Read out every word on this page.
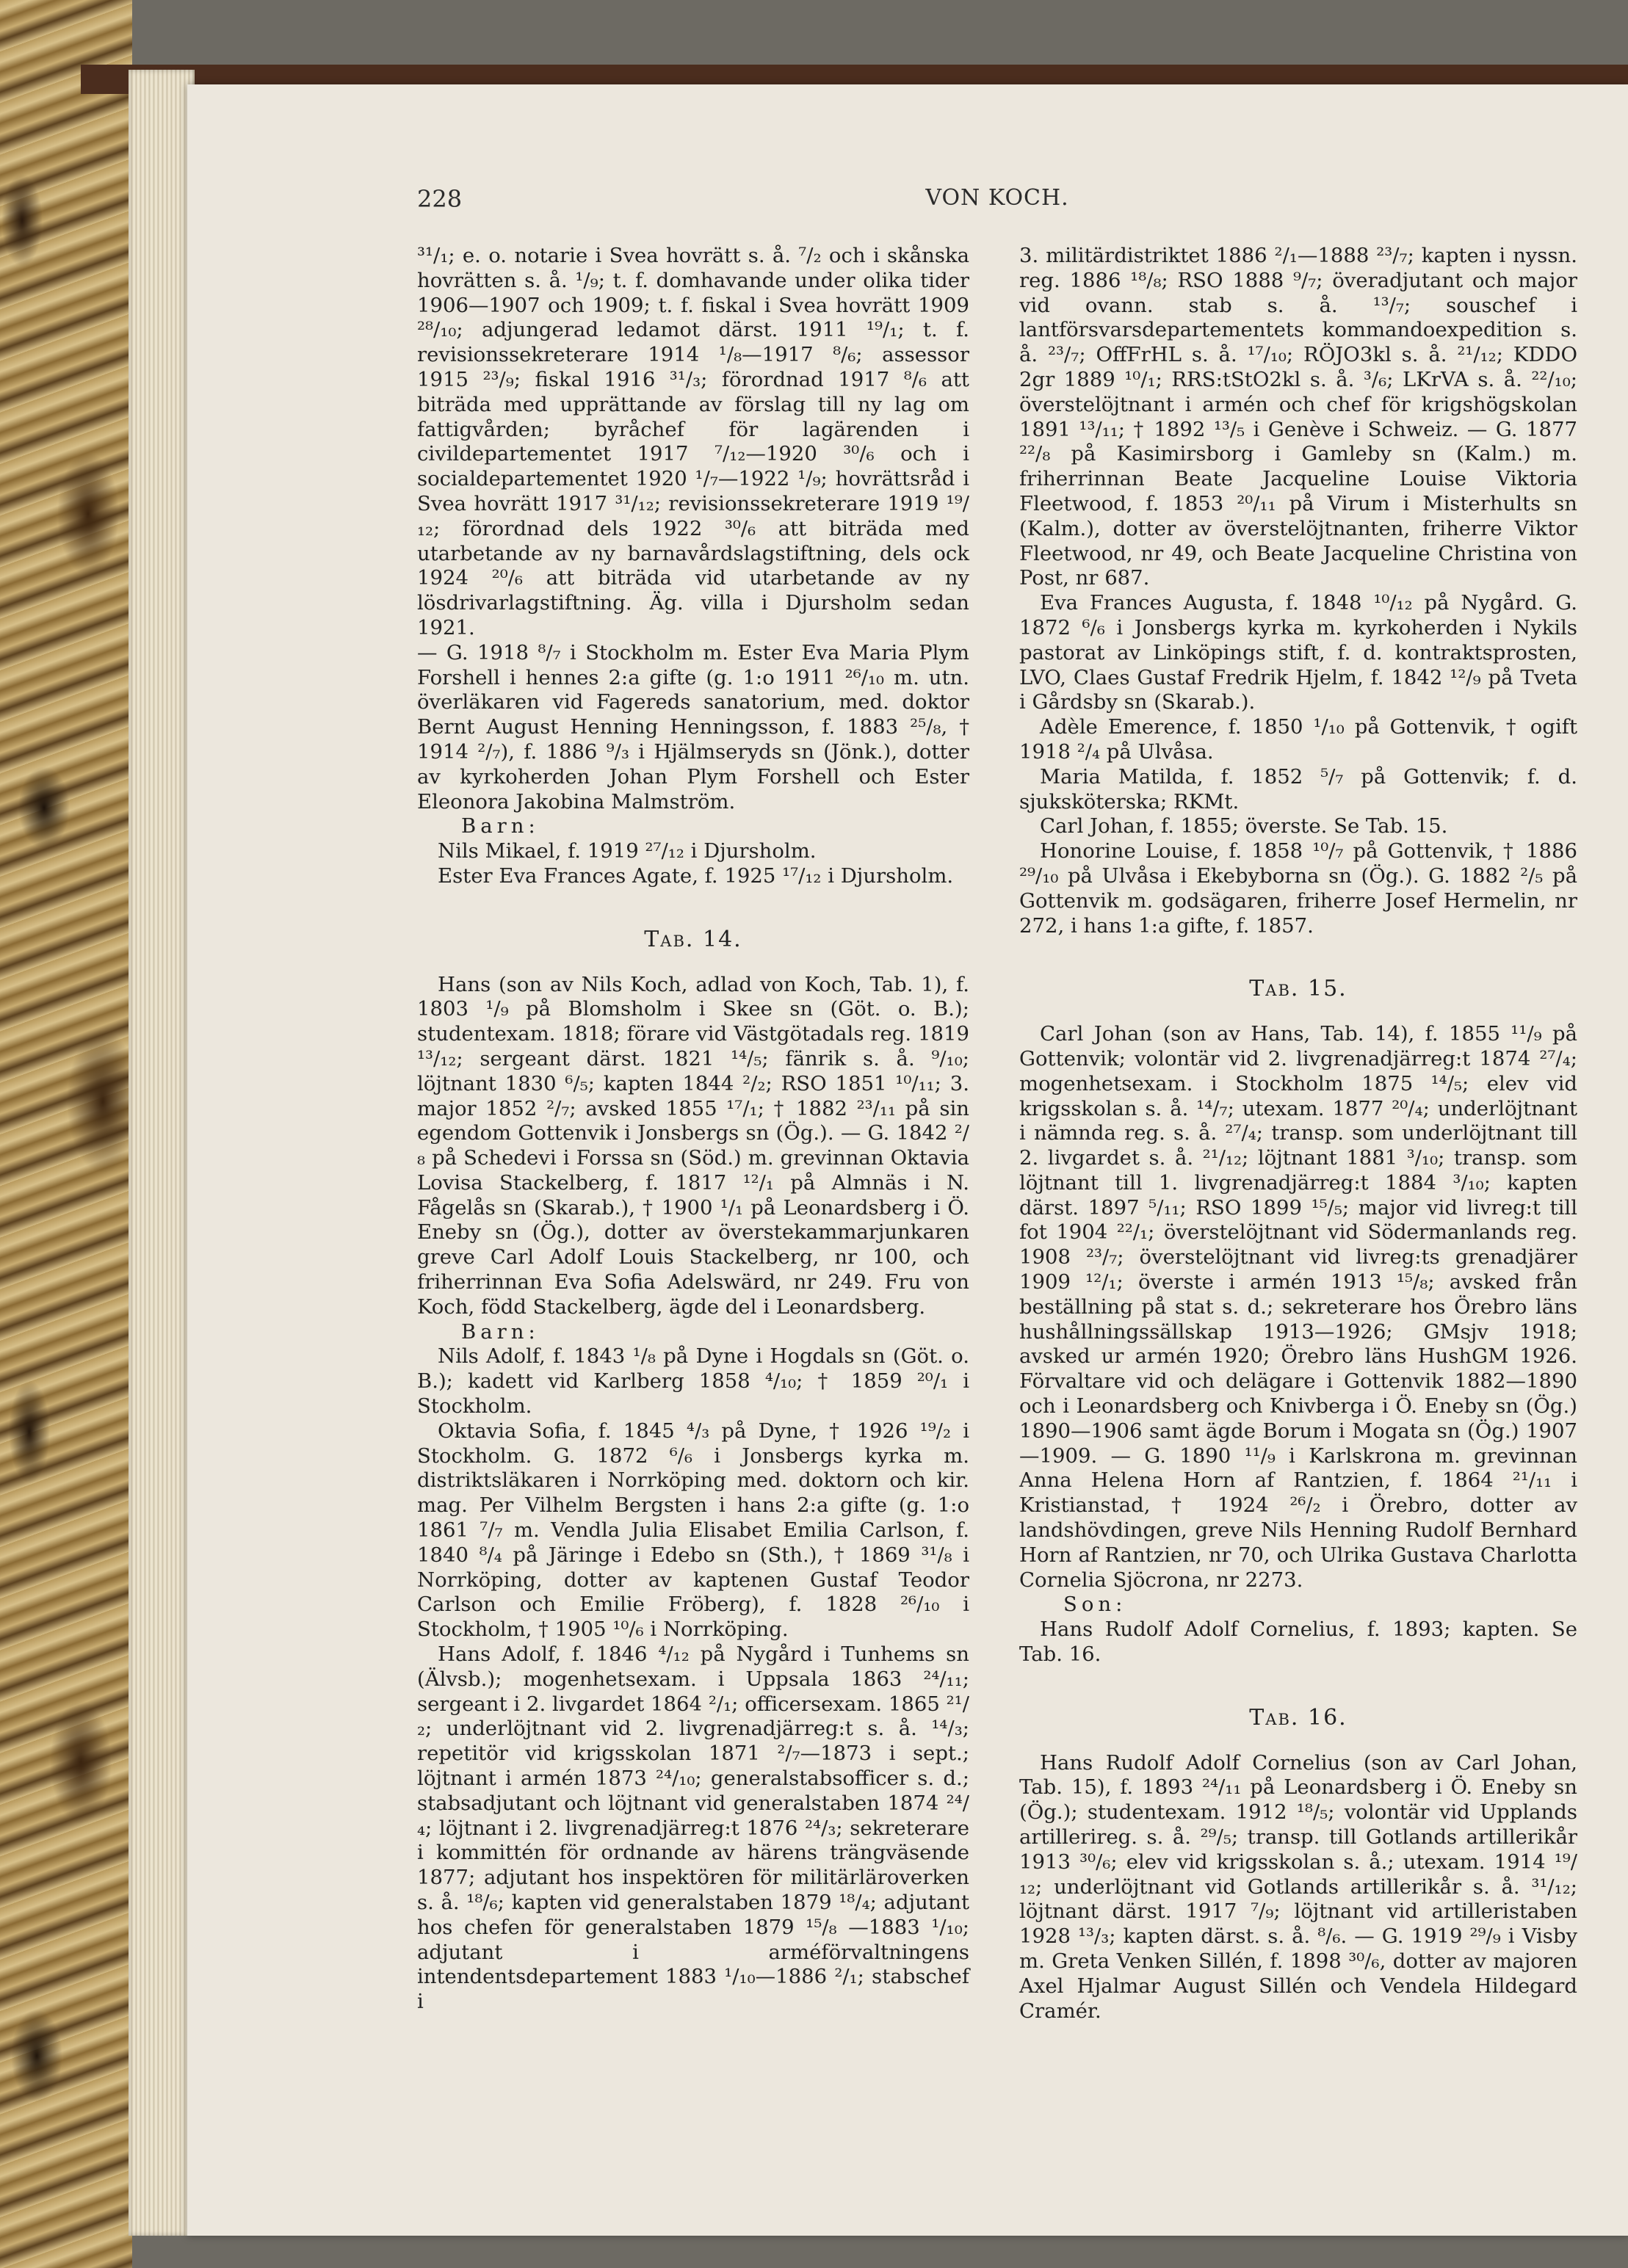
228	VON KOCH.

³¹/₁; e. o. notarie i Svea hovrätt s. å. ⁷/₂ och i skånska hovrätten s. å. ¹/₉; t. f. domhavande under olika tider 1906—1907 och 1909; t. f. fiskal i Svea hovrätt 1909 ²⁸/₁₀; adjungerad ledamot därst. 1911 ¹⁹/₁; t. f. revisionssekreterare 1914 ¹/₈—1917 ⁸/₆; assessor 1915 ²³/₉; fiskal 1916 ³¹/₃; förordnad 1917 ⁸/₆ att biträda med upprättande av förslag till ny lag om fattigvården; byråchef för lagärenden i civildepartementet 1917 ⁷/₁₂—1920 ³⁰/₆ och i socialdepartementet 1920 ¹/₇—1922 ¹/₉; hovrättsråd i Svea hovrätt 1917 ³¹/₁₂; revisionssekreterare 1919 ¹⁹/₁₂; förordnad dels 1922 ³⁰/₆ att biträda med utarbetande av ny barnavårdslagstiftning, dels ock 1924 ²⁰/₆ att biträda vid utarbetande av ny lösdrivarlagstiftning. Äg. villa i Djursholm sedan 1921.

— G. 1918 ⁸/₇ i Stockholm m. Ester Eva Maria Plym Forshell i hennes 2:a gifte (g. 1:o 1911 ²⁶/₁₀ m. utn. överläkaren vid Fagereds sanatorium, med. doktor Bernt August Henning Henningsson, f. 1883 ²⁵/₈, † 1914 ²/₇), f. 1886 ⁹/₃ i Hjälmseryds sn (Jönk.), dotter av kyrkoherden Johan Plym Forshell och Ester Eleonora Jakobina Malmström.

Barn:

Nils Mikael, f. 1919 ²⁷/₁₂ i Djursholm.

Ester Eva Frances Agate, f. 1925 ¹⁷/₁₂ i Djursholm.

Tab. 14.

Hans (son av Nils Koch, adlad von Koch, Tab. 1), f. 1803 ¹/₉ på Blomsholm i Skee sn (Göt. o. B.); studentexam. 1818; förare vid Västgötadals reg. 1819 ¹³/₁₂; sergeant därst. 1821 ¹⁴/₅; fänrik s. å. ⁹/₁₀; löjtnant 1830 ⁶/₅; kapten 1844 ²/₂; RSO 1851 ¹⁰/₁₁; 3. major 1852 ²/₇; avsked 1855 ¹⁷/₁; † 1882 ²³/₁₁ på sin egendom Gottenvik i Jonsbergs sn (Ög.). — G. 1842 ²/₈ på Schedevi i Forssa sn (Söd.) m. grevinnan Oktavia Lovisa Stackelberg, f. 1817 ¹²/₁ på Almnäs i N. Fågelås sn (Skarab.), † 1900 ¹/₁ på Leonardsberg i Ö. Eneby sn (Ög.), dotter av överstekammarjunkaren greve Carl Adolf Louis Stackelberg, nr 100, och friherrinnan Eva Sofia Adelswärd, nr 249. Fru von Koch, född Stackelberg, ägde del i Leonardsberg.

Barn:

Nils Adolf, f. 1843 ¹/₈ på Dyne i Hogdals sn (Göt. o. B.); kadett vid Karlberg 1858 ⁴/₁₀; † 1859 ²⁰/₁ i Stockholm.

Oktavia Sofia, f. 1845 ⁴/₃ på Dyne, † 1926 ¹⁹/₂ i Stockholm. G. 1872 ⁶/₆ i Jonsbergs kyrka m. distriktsläkaren i Norrköping med. doktorn och kir. mag. Per Vilhelm Bergsten i hans 2:a gifte (g. 1:o 1861 ⁷/₇ m. Vendla Julia Elisabet Emilia Carlson, f. 1840 ⁸/₄ på Järinge i Edebo sn (Sth.), † 1869 ³¹/₈ i Norrköping, dotter av kaptenen Gustaf Teodor Carlson och Emilie Fröberg), f. 1828 ²⁶/₁₀ i Stockholm, † 1905 ¹⁰/₆ i Norrköping.

Hans Adolf, f. 1846 ⁴/₁₂ på Nygård i Tunhems sn (Älvsb.); mogenhetsexam. i Uppsala 1863 ²⁴/₁₁; sergeant i 2. livgardet 1864 ²/₁; officersexam. 1865 ²¹/₂; underlöjtnant vid 2. livgrenadjärreg:t s. å. ¹⁴/₃; repetitör vid krigsskolan 1871 ²/₇—1873 i sept.; löjtnant i armén 1873 ²⁴/₁₀; generalstabsofficer s. d.; stabsadjutant och löjtnant vid generalstaben 1874 ²⁴/₄; löjtnant i 2. livgrenadjärreg:t 1876 ²⁴/₃; sekreterare i kommittén för ordnande av härens trängväsende 1877; adjutant hos inspektören för militärläroverken s. å. ¹⁸/₆; kapten vid generalstaben 1879 ¹⁸/₄; adjutant hos chefen för generalstaben 1879 ¹⁵/₈ —1883 ¹/₁₀; adjutant i arméförvaltningens intendentsdepartement 1883 ¹/₁₀—1886 ²/₁; stabschef i

3. militärdistriktet 1886 ²/₁—1888 ²³/₇; kapten i nyssn. reg. 1886 ¹⁸/₈; RSO 1888 ⁹/₇; överadjutant och major vid ovann. stab s. å. ¹³/₇; souschef i lantförsvarsdepartementets kommandoexpedition s. å. ²³/₇; OffFrHL s. å. ¹⁷/₁₀; RÖJO3kl s. å. ²¹/₁₂; KDDO 2gr 1889 ¹⁰/₁; RRS:tStO2kl s. å. ³/₆; LKrVA s. å. ²²/₁₀; överstelöjtnant i armén och chef för krigshögskolan 1891 ¹³/₁₁; † 1892 ¹³/₅ i Genève i Schweiz. — G. 1877 ²²/₈ på Kasimirsborg i Gamleby sn (Kalm.) m. friherrinnan Beate Jacqueline Louise Viktoria Fleetwood, f. 1853 ²⁰/₁₁ på Virum i Misterhults sn (Kalm.), dotter av överstelöjtnanten, friherre Viktor Fleetwood, nr 49, och Beate Jacqueline Christina von Post, nr 687.

Eva Frances Augusta, f. 1848 ¹⁰/₁₂ på Nygård. G. 1872 ⁶/₆ i Jonsbergs kyrka m. kyrkoherden i Nykils pastorat av Linköpings stift, f. d. kontraktsprosten, LVO, Claes Gustaf Fredrik Hjelm, f. 1842 ¹²/₉ på Tveta i Gårdsby sn (Skarab.).

Adèle Emerence, f. 1850 ¹/₁₀ på Gottenvik, † ogift 1918 ²/₄ på Ulvåsa.

Maria Matilda, f. 1852 ⁵/₇ på Gottenvik; f. d. sjuksköterska; RKMt.

Carl Johan, f. 1855; överste. Se Tab. 15.

Honorine Louise, f. 1858 ¹⁰/₇ på Gottenvik, † 1886 ²⁹/₁₀ på Ulvåsa i Ekebyborna sn (Ög.). G. 1882 ²/₅ på Gottenvik m. godsägaren, friherre Josef Hermelin, nr 272, i hans 1:a gifte, f. 1857.

Tab. 15.

Carl Johan (son av Hans, Tab. 14), f. 1855 ¹¹/₉ på Gottenvik; volontär vid 2. livgrenadjärreg:t 1874 ²⁷/₄; mogenhetsexam. i Stockholm 1875 ¹⁴/₅; elev vid krigsskolan s. å. ¹⁴/₇; utexam. 1877 ²⁰/₄; underlöjtnant i nämnda reg. s. å. ²⁷/₄; transp. som underlöjtnant till 2. livgardet s. å. ²¹/₁₂; löjtnant 1881 ³/₁₀; transp. som löjtnant till 1. livgrenadjärreg:t 1884 ³/₁₀; kapten därst. 1897 ⁵/₁₁; RSO 1899 ¹⁵/₅; major vid livreg:t till fot 1904 ²²/₁; överstelöjtnant vid Södermanlands reg. 1908 ²³/₇; överstelöjtnant vid livreg:ts grenadjärer 1909 ¹²/₁; överste i armén 1913 ¹⁵/₈; avsked från beställning på stat s. d.; sekreterare hos Örebro läns hushållningssällskap 1913—1926; GMsjv 1918; avsked ur armén 1920; Örebro läns HushGM 1926. Förvaltare vid och delägare i Gottenvik 1882—1890 och i Leonardsberg och Knivberga i Ö. Eneby sn (Ög.) 1890—1906 samt ägde Borum i Mogata sn (Ög.) 1907—1909. — G. 1890 ¹¹/₉ i Karlskrona m. grevinnan Anna Helena Horn af Rantzien, f. 1864 ²¹/₁₁ i Kristianstad, † 1924 ²⁶/₂ i Örebro, dotter av landshövdingen, greve Nils Henning Rudolf Bernhard Horn af Rantzien, nr 70, och Ulrika Gustava Charlotta Cornelia Sjöcrona, nr 2273.

Son:

Hans Rudolf Adolf Cornelius, f. 1893; kapten. Se Tab. 16.

Tab. 16.

Hans Rudolf Adolf Cornelius (son av Carl Johan, Tab. 15), f. 1893 ²⁴/₁₁ på Leonardsberg i Ö. Eneby sn (Ög.); studentexam. 1912 ¹⁸/₅; volontär vid Upplands artillerireg. s. å. ²⁹/₅; transp. till Gotlands artillerikår 1913 ³⁰/₆; elev vid krigsskolan s. å.; utexam. 1914 ¹⁹/₁₂; underlöjtnant vid Gotlands artillerikår s. å. ³¹/₁₂; löjtnant därst. 1917 ⁷/₉; löjtnant vid artilleristaben 1928 ¹³/₃; kapten därst. s. å. ⁸/₆. — G. 1919 ²⁹/₉ i Visby m. Greta Venken Sillén, f. 1898 ³⁰/₆, dotter av majoren Axel Hjalmar August Sillén och Vendela Hildegard Cramér.
